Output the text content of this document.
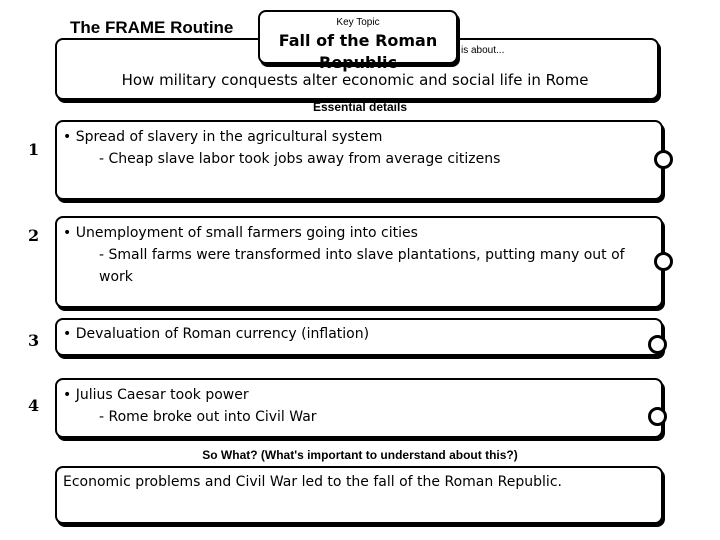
The FRAME Routine	Key Topic
Fall of the Roman Republic
is about...
How military conquests alter economic and social life in Rome
Essential details
1
• Spread of slavery in the agricultural system
- Cheap slave labor took jobs away from average citizens
2 • Unemployment of small farmers going into cities
- Small farms were transformed into slave plantations, putting many out of work
3 • Devaluation of Roman currency (inflation)
4
• Julius Caesar took power
- Rome broke out into Civil War
So What? (What's important to understand about this?)
Economic problems and Civil War led to the fall of the Roman Republic.
